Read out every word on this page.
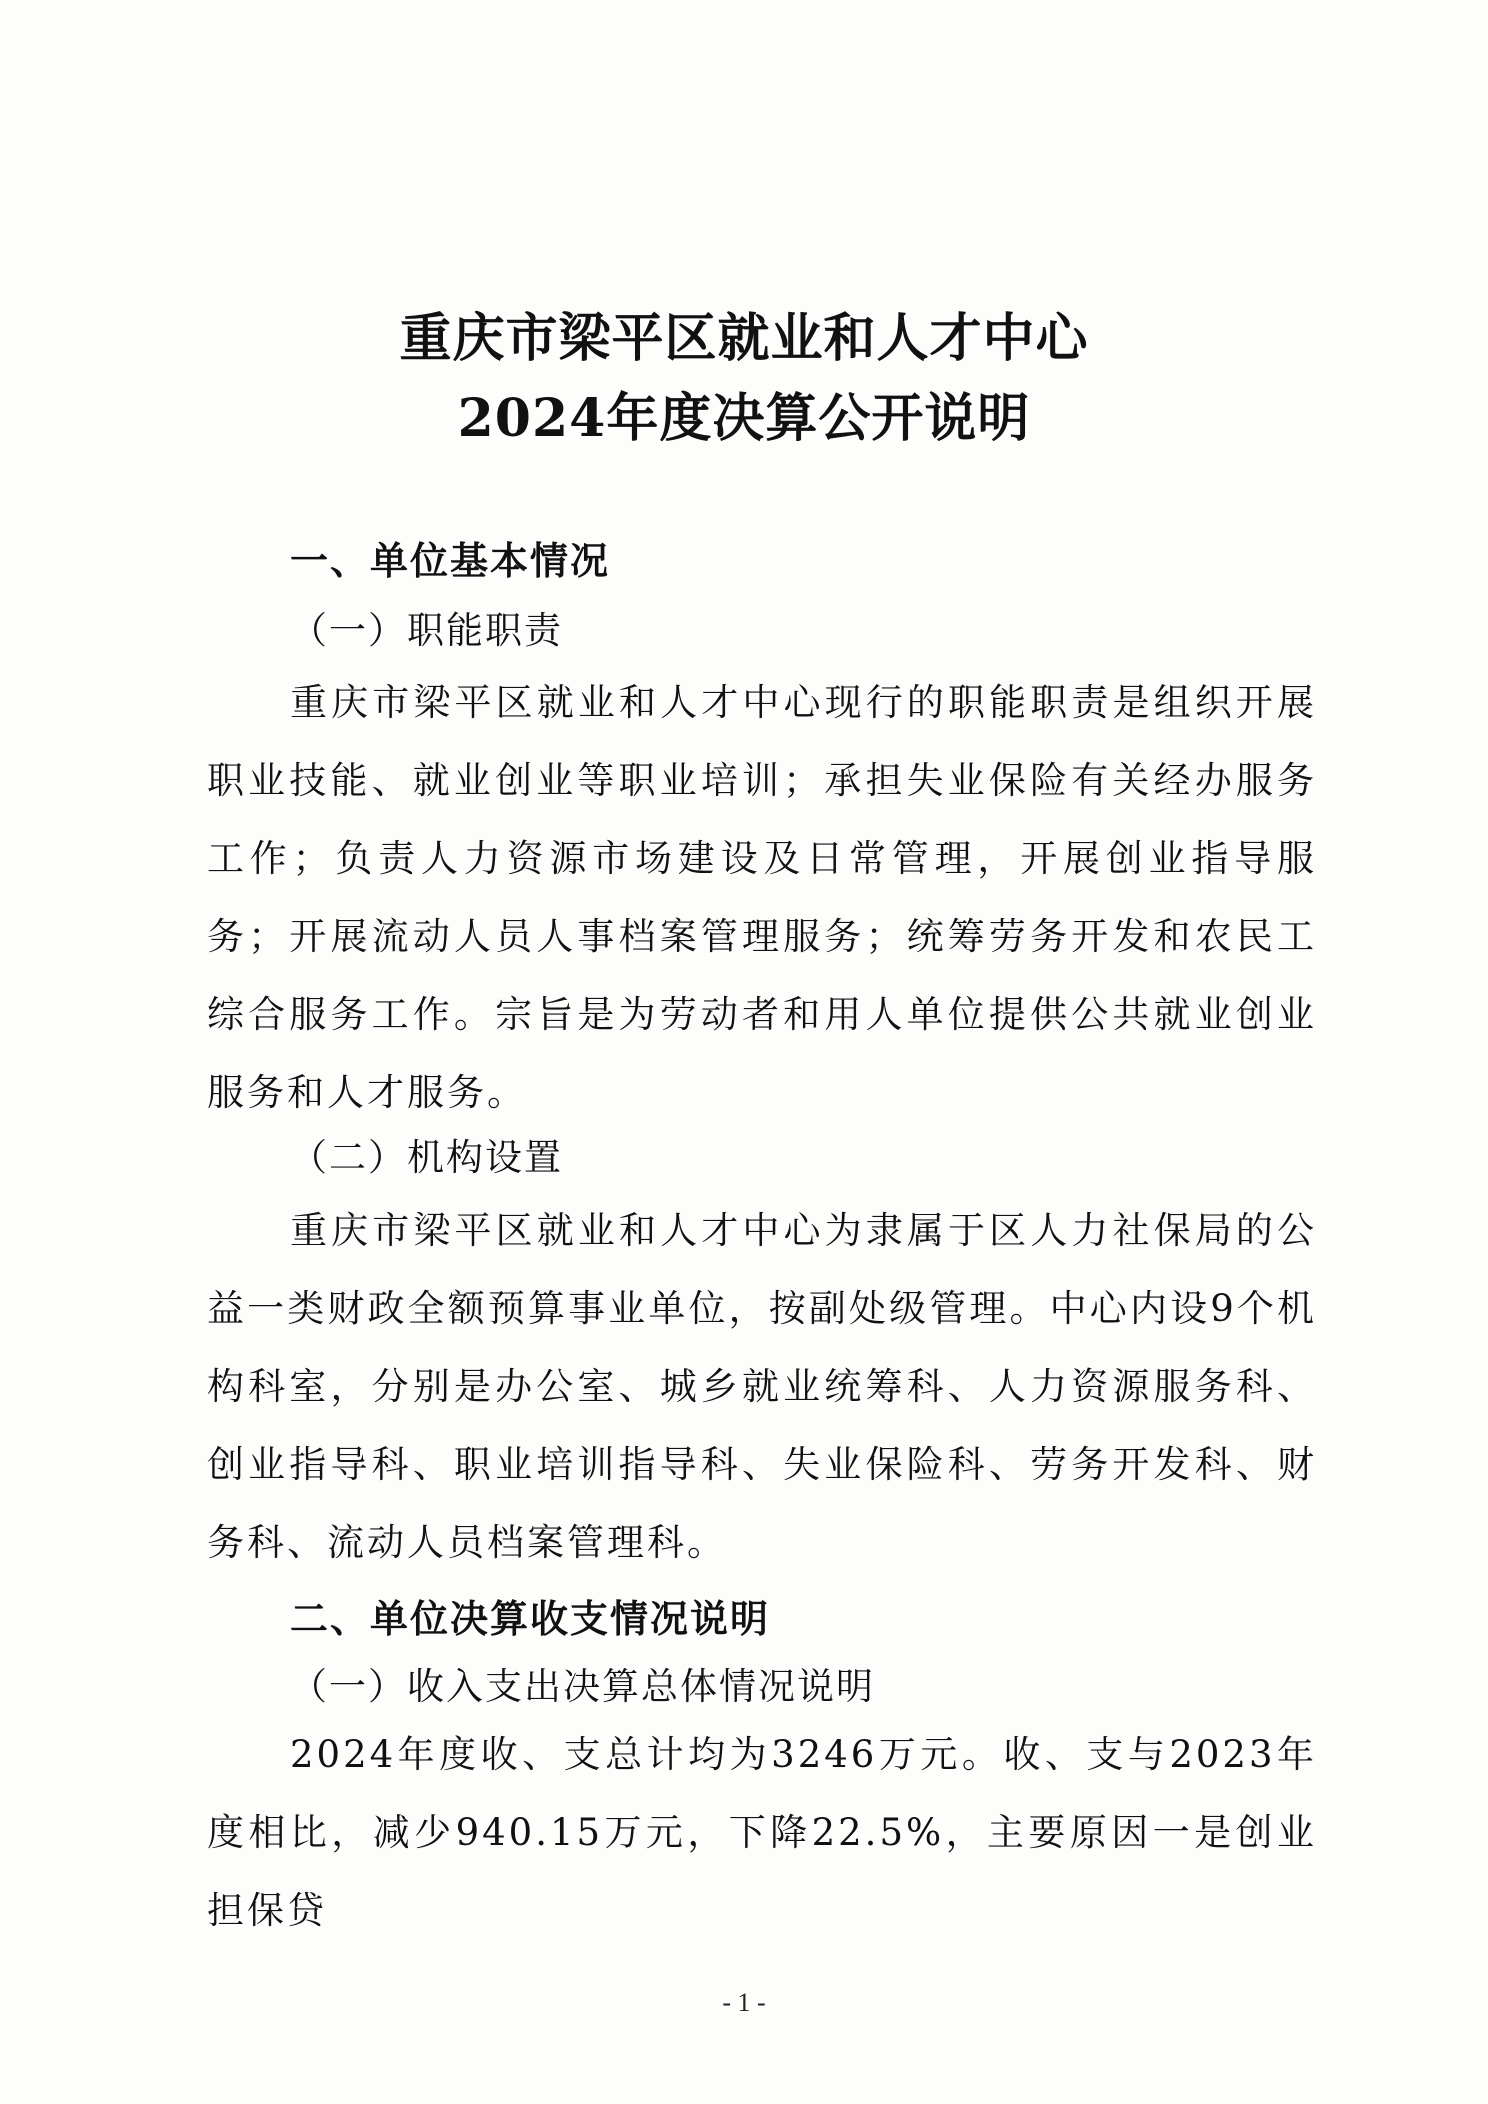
重庆市梁平区就业和人才中心
2024年度决算公开说明
一、单位基本情况
（一）职能职责
重庆市梁平区就业和人才中心现行的职能职责是组织开展职业技能、就业创业等职业培训；承担失业保险有关经办服务工作；负责人力资源市场建设及日常管理，开展创业指导服务；开展流动人员人事档案管理服务；统筹劳务开发和农民工综合服务工作。宗旨是为劳动者和用人单位提供公共就业创业服务和人才服务。
（二）机构设置
重庆市梁平区就业和人才中心为隶属于区人力社保局的公益一类财政全额预算事业单位，按副处级管理。中心内设9个机构科室，分别是办公室、城乡就业统筹科、人力资源服务科、创业指导科、职业培训指导科、失业保险科、劳务开发科、财务科、流动人员档案管理科。
二、单位决算收支情况说明
（一）收入支出决算总体情况说明
2024年度收、支总计均为3246万元。收、支与2023年度相比，减少940.15万元，下降22.5%，主要原因一是创业担保贷
- 1 -
